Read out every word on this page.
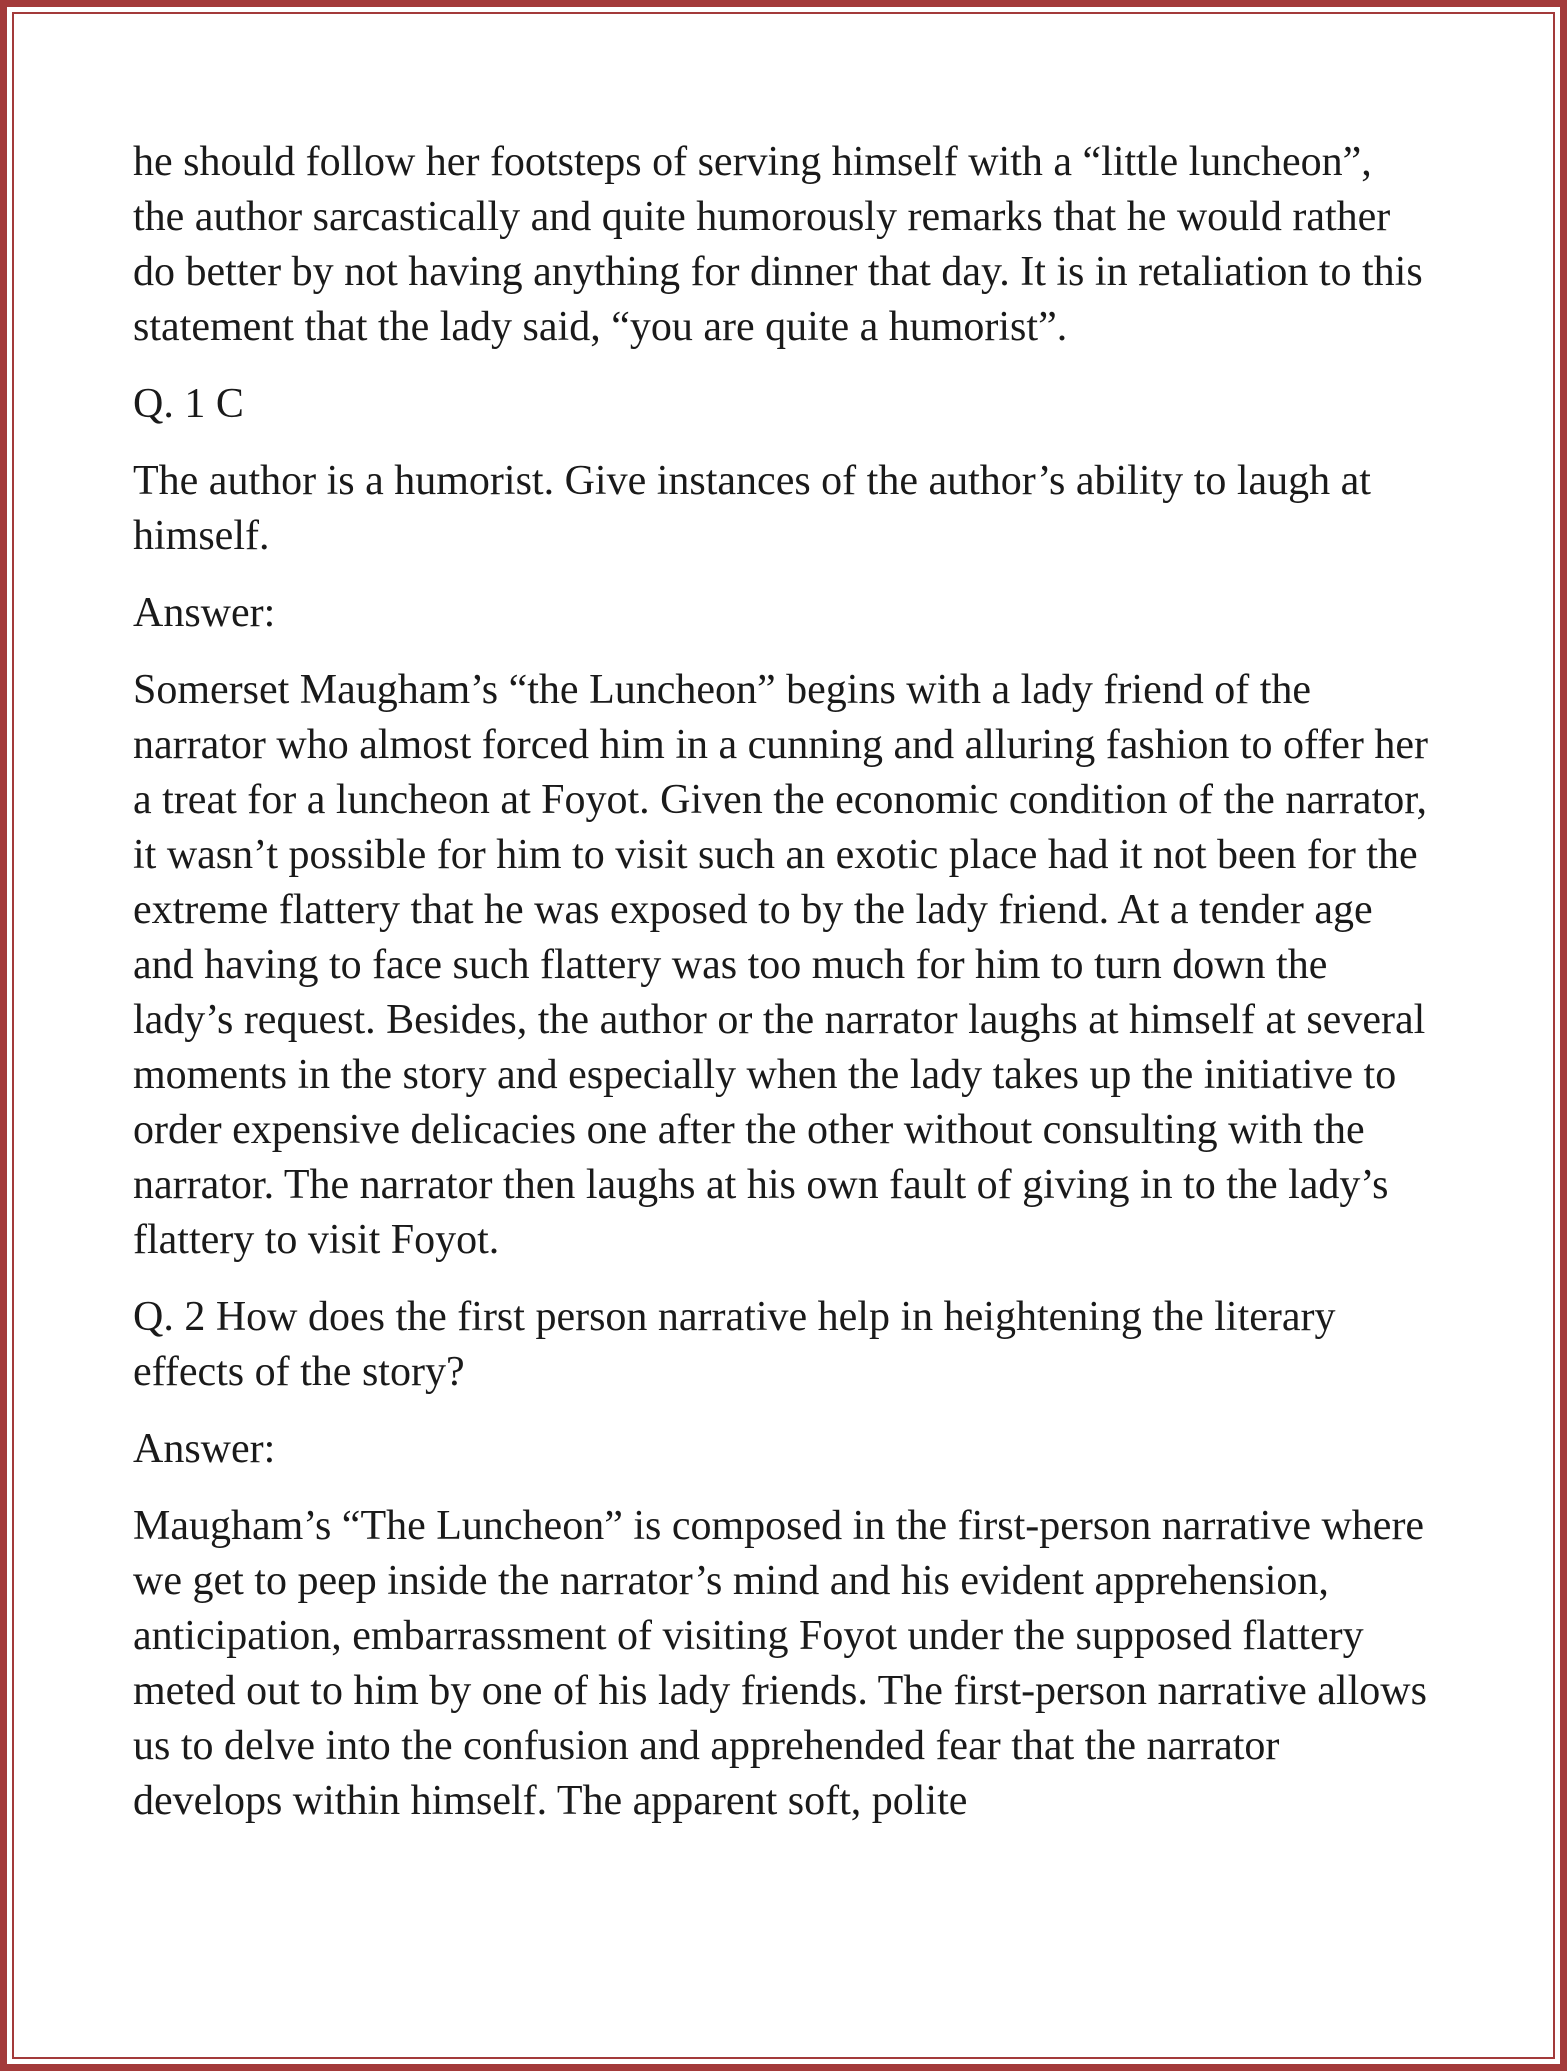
he should follow her footsteps of serving himself with a “little luncheon”, the author sarcastically and quite humorously remarks that he would rather do better by not having anything for dinner that day. It is in retaliation to this statement that the lady said, “you are quite a humorist”.

Q. 1 C

The author is a humorist. Give instances of the author’s ability to laugh at himself.

Answer:

Somerset Maugham’s “the Luncheon” begins with a lady friend of the narrator who almost forced him in a cunning and alluring fashion to offer her a treat for a luncheon at Foyot. Given the economic condition of the narrator, it wasn’t possible for him to visit such an exotic place had it not been for the extreme flattery that he was exposed to by the lady friend. At a tender age and having to face such flattery was too much for him to turn down the lady’s request. Besides, the author or the narrator laughs at himself at several moments in the story and especially when the lady takes up the initiative to order expensive delicacies one after the other without consulting with the narrator. The narrator then laughs at his own fault of giving in to the lady’s flattery to visit Foyot.

Q. 2 How does the first person narrative help in heightening the literary effects of the story?

Answer:

Maugham’s “The Luncheon” is composed in the first-person narrative where we get to peep inside the narrator’s mind and his evident apprehension, anticipation, embarrassment of visiting Foyot under the supposed flattery meted out to him by one of his lady friends. The first-person narrative allows us to delve into the confusion and apprehended fear that the narrator develops within himself. The apparent soft, polite
